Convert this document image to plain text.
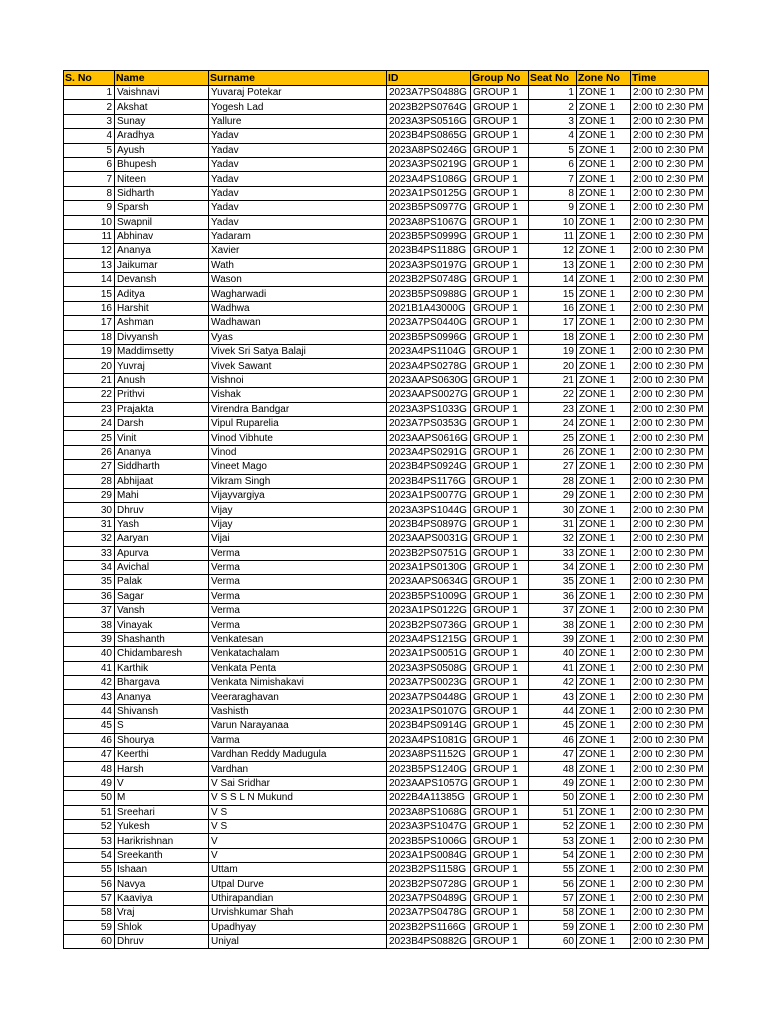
S. No	Name	Surname	ID	Group No	Seat No	Zone No	Time
1	Vaishnavi	Yuvaraj Potekar	2023A7PS0488G	GROUP 1	1	ZONE 1	2:00 t0 2:30 PM
2	Akshat	Yogesh Lad	2023B2PS0764G	GROUP 1	2	ZONE 1	2:00 t0 2:30 PM
3	Sunay	Yallure	2023A3PS0516G	GROUP 1	3	ZONE 1	2:00 t0 2:30 PM
4	Aradhya	Yadav	2023B4PS0865G	GROUP 1	4	ZONE 1	2:00 t0 2:30 PM
5	Ayush	Yadav	2023A8PS0246G	GROUP 1	5	ZONE 1	2:00 t0 2:30 PM
6	Bhupesh	Yadav	2023A3PS0219G	GROUP 1	6	ZONE 1	2:00 t0 2:30 PM
7	Niteen	Yadav	2023A4PS1086G	GROUP 1	7	ZONE 1	2:00 t0 2:30 PM
8	Sidharth	Yadav	2023A1PS0125G	GROUP 1	8	ZONE 1	2:00 t0 2:30 PM
9	Sparsh	Yadav	2023B5PS0977G	GROUP 1	9	ZONE 1	2:00 t0 2:30 PM
10	Swapnil	Yadav	2023A8PS1067G	GROUP 1	10	ZONE 1	2:00 t0 2:30 PM
11	Abhinav	Yadaram	2023B5PS0999G	GROUP 1	11	ZONE 1	2:00 t0 2:30 PM
12	Ananya	Xavier	2023B4PS1188G	GROUP 1	12	ZONE 1	2:00 t0 2:30 PM
13	Jaikumar	Wath	2023A3PS0197G	GROUP 1	13	ZONE 1	2:00 t0 2:30 PM
14	Devansh	Wason	2023B2PS0748G	GROUP 1	14	ZONE 1	2:00 t0 2:30 PM
15	Aditya	Wagharwadi	2023B5PS0988G	GROUP 1	15	ZONE 1	2:00 t0 2:30 PM
16	Harshit	Wadhwa	2021B1A43000G	GROUP 1	16	ZONE 1	2:00 t0 2:30 PM
17	Ashman	Wadhawan	2023A7PS0440G	GROUP 1	17	ZONE 1	2:00 t0 2:30 PM
18	Divyansh	Vyas	2023B5PS0996G	GROUP 1	18	ZONE 1	2:00 t0 2:30 PM
19	Maddimsetty	Vivek Sri Satya Balaji	2023A4PS1104G	GROUP 1	19	ZONE 1	2:00 t0 2:30 PM
20	Yuvraj	Vivek Sawant	2023A4PS0278G	GROUP 1	20	ZONE 1	2:00 t0 2:30 PM
21	Anush	Vishnoi	2023AAPS0630G	GROUP 1	21	ZONE 1	2:00 t0 2:30 PM
22	Prithvi	Vishak	2023AAPS0027G	GROUP 1	22	ZONE 1	2:00 t0 2:30 PM
23	Prajakta	Virendra Bandgar	2023A3PS1033G	GROUP 1	23	ZONE 1	2:00 t0 2:30 PM
24	Darsh	Vipul Ruparelia	2023A7PS0353G	GROUP 1	24	ZONE 1	2:00 t0 2:30 PM
25	Vinit	Vinod Vibhute	2023AAPS0616G	GROUP 1	25	ZONE 1	2:00 t0 2:30 PM
26	Ananya	Vinod	2023A4PS0291G	GROUP 1	26	ZONE 1	2:00 t0 2:30 PM
27	Siddharth	Vineet Mago	2023B4PS0924G	GROUP 1	27	ZONE 1	2:00 t0 2:30 PM
28	Abhijaat	Vikram Singh	2023B4PS1176G	GROUP 1	28	ZONE 1	2:00 t0 2:30 PM
29	Mahi	Vijayvargiya	2023A1PS0077G	GROUP 1	29	ZONE 1	2:00 t0 2:30 PM
30	Dhruv	Vijay	2023A3PS1044G	GROUP 1	30	ZONE 1	2:00 t0 2:30 PM
31	Yash	Vijay	2023B4PS0897G	GROUP 1	31	ZONE 1	2:00 t0 2:30 PM
32	Aaryan	Vijai	2023AAPS0031G	GROUP 1	32	ZONE 1	2:00 t0 2:30 PM
33	Apurva	Verma	2023B2PS0751G	GROUP 1	33	ZONE 1	2:00 t0 2:30 PM
34	Avichal	Verma	2023A1PS0130G	GROUP 1	34	ZONE 1	2:00 t0 2:30 PM
35	Palak	Verma	2023AAPS0634G	GROUP 1	35	ZONE 1	2:00 t0 2:30 PM
36	Sagar	Verma	2023B5PS1009G	GROUP 1	36	ZONE 1	2:00 t0 2:30 PM
37	Vansh	Verma	2023A1PS0122G	GROUP 1	37	ZONE 1	2:00 t0 2:30 PM
38	Vinayak	Verma	2023B2PS0736G	GROUP 1	38	ZONE 1	2:00 t0 2:30 PM
39	Shashanth	Venkatesan	2023A4PS1215G	GROUP 1	39	ZONE 1	2:00 t0 2:30 PM
40	Chidambaresh	Venkatachalam	2023A1PS0051G	GROUP 1	40	ZONE 1	2:00 t0 2:30 PM
41	Karthik	Venkata Penta	2023A3PS0508G	GROUP 1	41	ZONE 1	2:00 t0 2:30 PM
42	Bhargava	Venkata Nimishakavi	2023A7PS0023G	GROUP 1	42	ZONE 1	2:00 t0 2:30 PM
43	Ananya	Veeraraghavan	2023A7PS0448G	GROUP 1	43	ZONE 1	2:00 t0 2:30 PM
44	Shivansh	Vashisth	2023A1PS0107G	GROUP 1	44	ZONE 1	2:00 t0 2:30 PM
45	S	Varun Narayanaa	2023B4PS0914G	GROUP 1	45	ZONE 1	2:00 t0 2:30 PM
46	Shourya	Varma	2023A4PS1081G	GROUP 1	46	ZONE 1	2:00 t0 2:30 PM
47	Keerthi	Vardhan Reddy Madugula	2023A8PS1152G	GROUP 1	47	ZONE 1	2:00 t0 2:30 PM
48	Harsh	Vardhan	2023B5PS1240G	GROUP 1	48	ZONE 1	2:00 t0 2:30 PM
49	V	V Sai Sridhar	2023AAPS1057G	GROUP 1	49	ZONE 1	2:00 t0 2:30 PM
50	M	V S S L N Mukund	2022B4A11385G	GROUP 1	50	ZONE 1	2:00 t0 2:30 PM
51	Sreehari	V S	2023A8PS1068G	GROUP 1	51	ZONE 1	2:00 t0 2:30 PM
52	Yukesh	V S	2023A3PS1047G	GROUP 1	52	ZONE 1	2:00 t0 2:30 PM
53	Harikrishnan	V	2023B5PS1006G	GROUP 1	53	ZONE 1	2:00 t0 2:30 PM
54	Sreekanth	V	2023A1PS0084G	GROUP 1	54	ZONE 1	2:00 t0 2:30 PM
55	Ishaan	Uttam	2023B2PS1158G	GROUP 1	55	ZONE 1	2:00 t0 2:30 PM
56	Navya	Utpal Durve	2023B2PS0728G	GROUP 1	56	ZONE 1	2:00 t0 2:30 PM
57	Kaaviya	Uthirapandian	2023A7PS0489G	GROUP 1	57	ZONE 1	2:00 t0 2:30 PM
58	Vraj	Urvishkumar Shah	2023A7PS0478G	GROUP 1	58	ZONE 1	2:00 t0 2:30 PM
59	Shlok	Upadhyay	2023B2PS1166G	GROUP 1	59	ZONE 1	2:00 t0 2:30 PM
60	Dhruv	Uniyal	2023B4PS0882G	GROUP 1	60	ZONE 1	2:00 t0 2:30 PM
